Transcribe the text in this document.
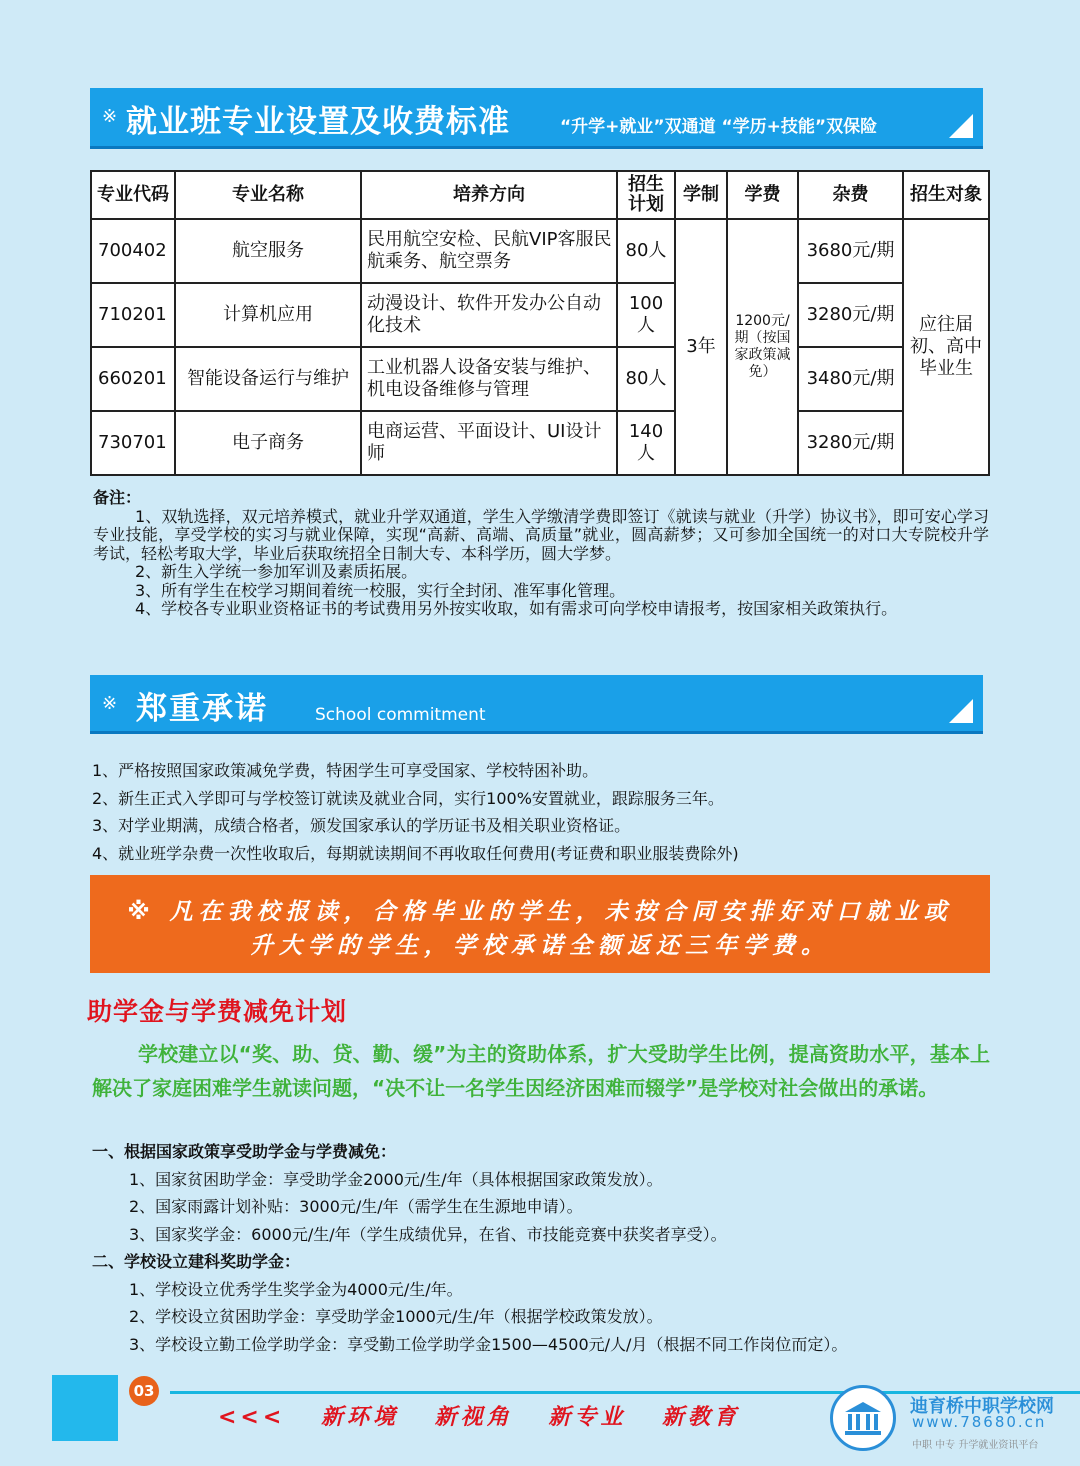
※ 就业班专业设置及收费标准	“升学+就业”双通道 “学历+技能”双保险
专业代码	专业名称	培养方向	招生计划	学制	学费	杂费	招生对象
700402	航空服务	民用航空安检、民航VIP客服民航乘务、航空票务	80人	3年	1200元/期（按国家政策减免）	3680元/期	应往届初、高中毕业生
710201	计算机应用	动漫设计、软件开发办公自动化技术	100人			3280元/期	
660201	智能设备运行与维护	工业机器人设备安装与维护、机电设备维修与管理	80人			3480元/期	
730701	电子商务	电商运营、平面设计、UI设计师	140人			3280元/期	

备注：

1、双轨选择，双元培养模式，就业升学双通道，学生入学缴清学费即签订《就读与就业（升学）协议书》，即可安心学习专业技能，享受学校的实习与就业保障，实现“高薪、高端、高质量”就业，圆高薪梦；又可参加全国统一的对口大专院校升学考试，轻松考取大学，毕业后获取统招全日制大专、本科学历，圆大学梦。

2、新生入学统一参加军训及素质拓展。

3、所有学生在校学习期间着统一校服，实行全封闭、准军事化管理。

4、学校各专业职业资格证书的考试费用另外按实收取，如有需求可向学校申请报考，按国家相关政策执行。

※ 郑重承诺	School commitment

1、严格按照国家政策减免学费，特困学生可享受国家、学校特困补助。

2、新生正式入学即可与学校签订就读及就业合同，实行100%安置就业，跟踪服务三年。

3、对学业期满，成绩合格者，颁发国家承认的学历证书及相关职业资格证。

4、就业班学杂费一次性收取后，每期就读期间不再收取任何费用(考证费和职业服装费除外)

※ 凡在我校报读，合格毕业的学生，未按合同安排好对口就业或
升大学的学生，学校承诺全额返还三年学费。
助学金与学费减免计划
学校建立以“奖、助、贷、勤、缓”为主的资助体系，扩大受助学生比例，提高资助水平，基本上解决了家庭困难学生就读问题，“决不让一名学生因经济困难而辍学”是学校对社会做出的承诺。

一、根据国家政策享受助学金与学费减免：

1、国家贫困助学金：享受助学金2000元/生/年（具体根据国家政策发放）。

2、国家雨露计划补贴：3000元/生/年（需学生在生源地申请）。

3、国家奖学金：6000元/生/年（学生成绩优异，在省、市技能竞赛中获奖者享受）。

二、学校设立建科奖助学金：

1、学校设立优秀学生奖学金为4000元/生/年。

2、学校设立贫困助学金：享受助学金1000元/生/年（根据学校政策发放）。

3、学校设立勤工俭学助学金：享受勤工俭学助学金1500—4500元/人/月（根据不同工作岗位而定）。

03
<<< 新环境 新视角 新专业 新教育	迪育桥中职学校网
www.78680.cn
中职 中专 升学就业资讯平台
